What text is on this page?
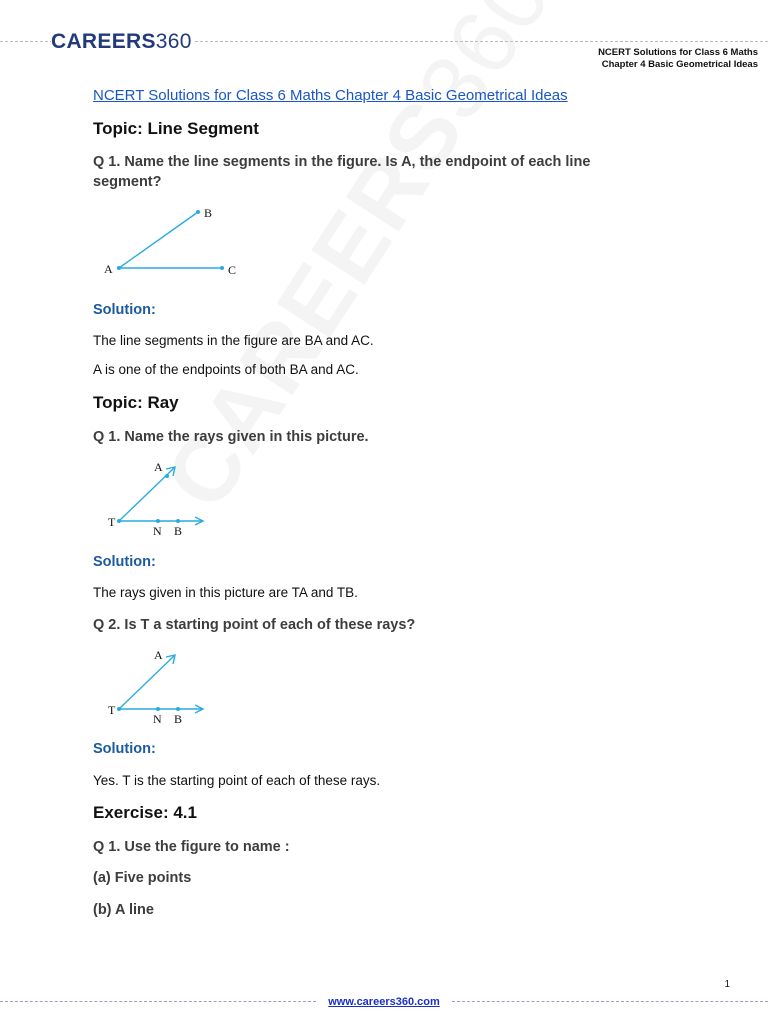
CAREERS360	NCERT Solutions for Class 6 Maths
Chapter 4 Basic Geometrical Ideas
NCERT Solutions for Class 6 Maths Chapter 4 Basic Geometrical Ideas
Topic: Line Segment
Q 1. Name the line segments in the figure. Is A, the endpoint of each line segment?
A
B
C
Solution:
The line segments in the figure are BA and AC.
A is one of the endpoints of both BA and AC.
Topic: Ray
Q 1. Name the rays given in this picture.
A
T
N B
Solution:
The rays given in this picture are TA and TB.
Q 2. Is T a starting point of each of these rays?
A
T
N B
Solution:
Yes. T is the starting point of each of these rays.
Exercise: 4.1
Q 1. Use the figure to name :
(a) Five points
(b) A line
1
www.careers360.com
